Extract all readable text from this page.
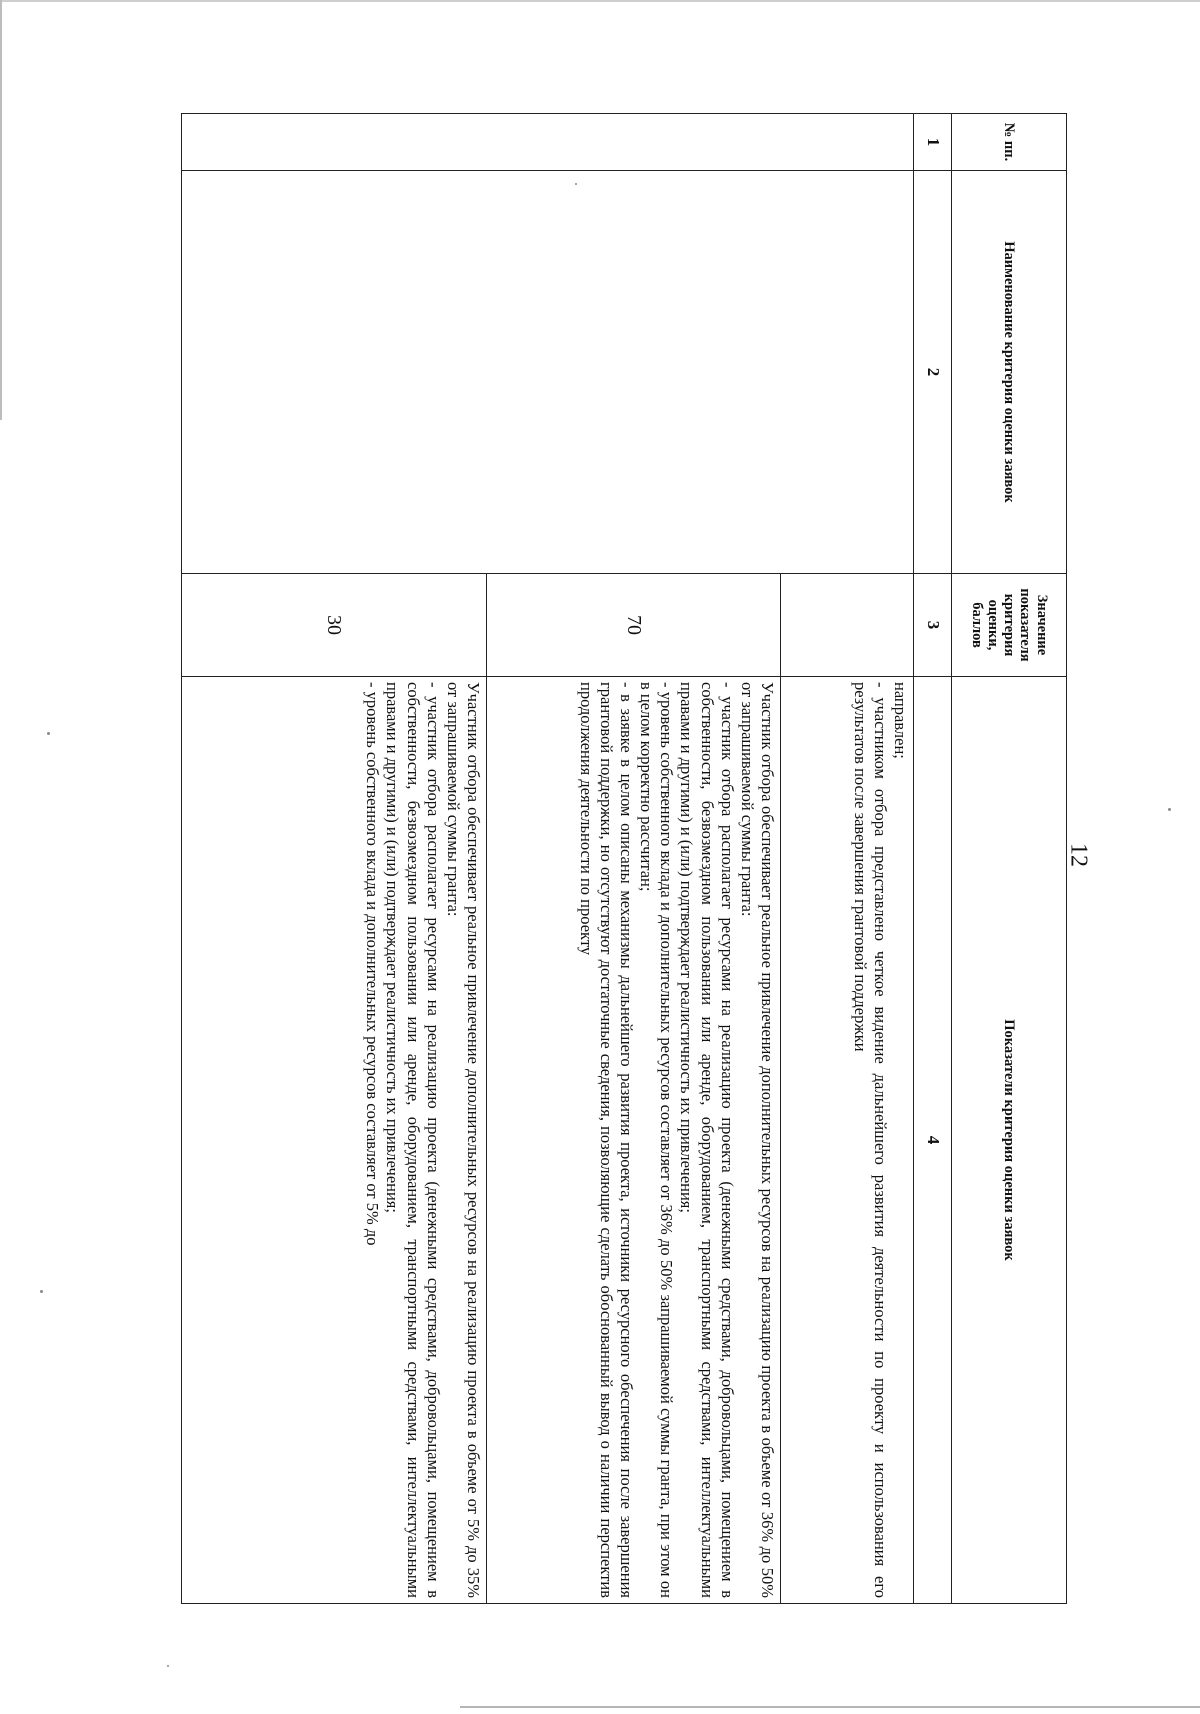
12
№ пп.	Наименование критерия оценки заявок	Значение показателя критерия оценки, баллов	Показатели критерия оценки заявок
1	2	3	4

			направлен;

- участником отбора представлено четкое видение дальнейшего развития деятельности по проекту и использования его результатов после завершения грантовой поддержки

		70	Участник отбора обеспечивает реальное привлечение дополнительных ресурсов на реализацию проекта в объеме от 36% до 50% от запрашиваемой суммы гранта:

- участник отбора располагает ресурсами на реализацию проекта (денежными средствами, добровольцами, помещением в собственности, безвозмездном пользовании или аренде, оборудованием, транспортными средствами, интеллектуальными правами и другими) и (или) подтверждает реалистичность их привлечения;

- уровень собственного вклада и дополнительных ресурсов составляет от 36% до 50% запрашиваемой суммы гранта, при этом он в целом корректно рассчитан;

- в заявке в целом описаны механизмы дальнейшего развития проекта, источники ресурсного обеспечения после завершения грантовой поддержки, но отсутствуют достаточные сведения, позволяющие сделать обоснованный вывод о наличии перспектив продолжения деятельности по проекту

		30	Участник отбора обеспечивает реальное привлечение дополнительных ресурсов на реализацию проекта в объеме от 5% до 35% от запрашиваемой суммы гранта:

- участник отбора располагает ресурсами на реализацию проекта (денежными средствами, добровольцами, помещением в собственности, безвозмездном пользовании или аренде, оборудованием, транспортными средствами, интеллектуальными правами и другими) и (или) подтверждает реалистичность их привлечения;

- уровень собственного вклада и дополнительных ресурсов составляет от 5% до
